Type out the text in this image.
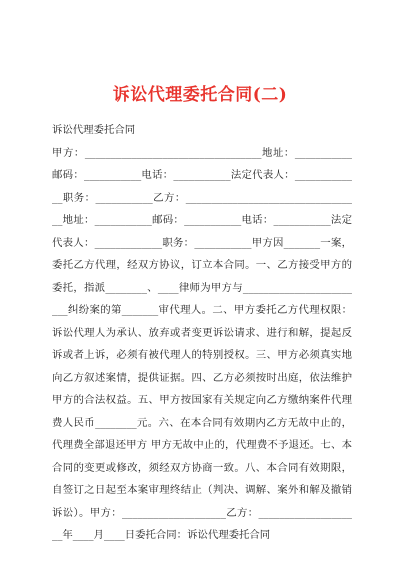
诉讼代理委托合同(二)

诉讼代理委托合同

甲方：__________________________________地址：___________邮码：___________电话：___________法定代表人：_____________职务：___________乙方：__________________________________地址：___________邮码：___________电话：___________法定代表人：_____________职务：___________甲方因_______一案，委托乙方代理，经双方协议，订立本合同。一、乙方接受甲方的委托，指派________、____律师为甲方与________________________纠纷案的第_______审代理人。二、甲方委托乙方代理权限：诉讼代理人为承认、放弃或者变更诉讼请求、进行和解，提起反诉或者上诉，必须有被代理人的特别授权。三、甲方必须真实地向乙方叙述案情，提供证据。四、乙方必须按时出庭，依法维护甲方的合法权益。五、甲方按国家有关规定向乙方缴纳案件代理费人民币________元。六、在本合同有效期内乙方无故中止的，代理费全部退还甲方 甲方无故中止的，代理费不予退还。七、本合同的变更或修改，须经双方协商一致。八、本合同有效期限，自签订之日起至本案审理终结止（判决、调解、案外和解及撤销诉讼）。甲方：____________________乙方：____________________年____月____日委托合同：诉讼代理委托合同
